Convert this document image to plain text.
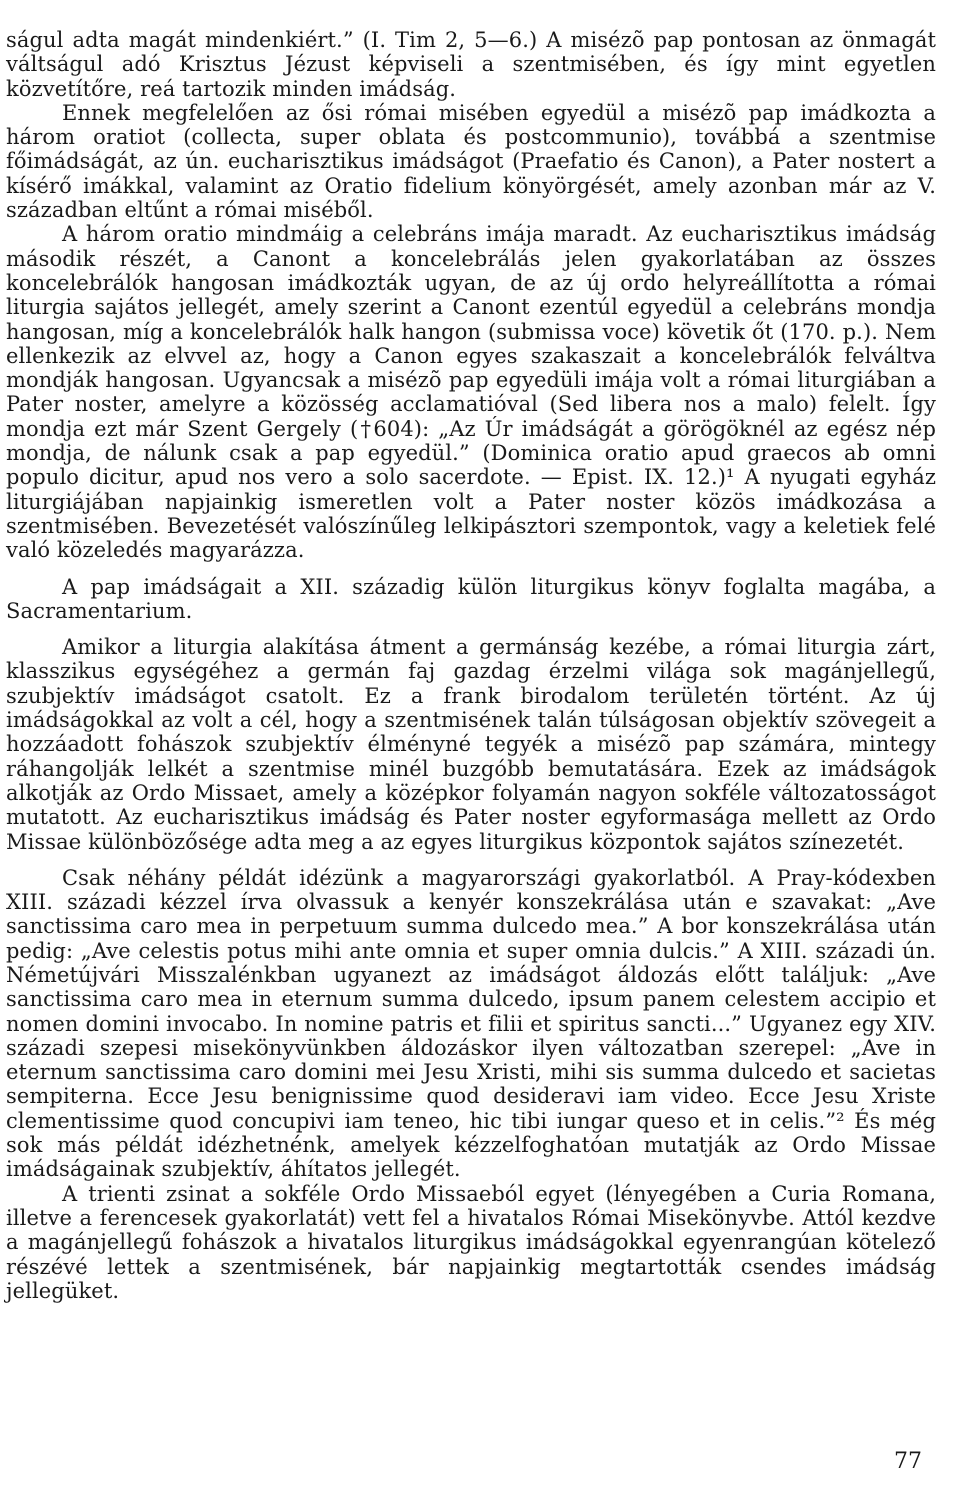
ságul adta magát mindenkiért.” (I. Tim 2, 5—6.) A misézõ pap pontosan az önmagát váltságul adó Krisztus Jézust képviseli a szentmisében, és így mint egyetlen közvetítőre, reá tartozik minden imádság.

Ennek megfelelően az ősi római misében egyedül a misézõ pap imádkozta a három oratiot (collecta, super oblata és postcommunio), továbbá a szentmise főimádságát, az ún. eucharisztikus imádságot (Praefatio és Canon), a Pater nostert a kísérő imákkal, valamint az Oratio fidelium könyörgését, amely azonban már az V. században eltűnt a római miséből.

A három oratio mindmáig a celebráns imája maradt. Az eucharisztikus imádság második részét, a Canont a koncelebrálás jelen gyakorlatában az összes koncelebrálók hangosan imádkozták ugyan, de az új ordo helyreállította a római liturgia sajátos jellegét, amely szerint a Canont ezentúl egyedül a celebráns mondja hangosan, míg a koncelebrálók halk hangon (submissa voce) követik őt (170. p.). Nem ellenkezik az elvvel az, hogy a Canon egyes szakaszait a koncelebrálók felváltva mondják hangosan. Ugyancsak a misézõ pap egyedüli imája volt a római liturgiában a Pater noster, amelyre a közösség acclamatióval (Sed libera nos a malo) felelt. Így mondja ezt már Szent Gergely (†604): „Az Úr imádságát a görögöknél az egész nép mondja, de nálunk csak a pap egyedül.” (Dominica oratio apud graecos ab omni populo dicitur, apud nos vero a solo sacerdote. — Epist. IX. 12.)¹ A nyugati egyház liturgiájában napjainkig ismeretlen volt a Pater noster közös imádkozása a szentmisében. Bevezetését valószínűleg lelkipásztori szempontok, vagy a keletiek felé való közeledés magyarázza.

A pap imádságait a XII. századig külön liturgikus könyv foglalta magába, a Sacramentarium.

Amikor a liturgia alakítása átment a germánság kezébe, a római liturgia zárt, klasszikus egységéhez a germán faj gazdag érzelmi világa sok magánjellegű, szubjektív imádságot csatolt. Ez a frank birodalom területén történt. Az új imádságokkal az volt a cél, hogy a szentmisének talán túlságosan objektív szövegeit a hozzáadott fohászok szubjektív élményné tegyék a misézõ pap számára, mintegy ráhangolják lelkét a szentmise minél buzgóbb bemutatására. Ezek az imádságok alkotják az Ordo Missaet, amely a középkor folyamán nagyon sokféle változatosságot mutatott. Az eucharisztikus imádság és Pater noster egyformasága mellett az Ordo Missae különbözősége adta meg a az egyes liturgikus központok sajátos színezetét.

Csak néhány példát idézünk a magyarországi gyakorlatból. A Pray-kódexben XIII. századi kézzel írva olvassuk a kenyér konszekrálása után e szavakat: „Ave sanctissima caro mea in perpetuum summa dulcedo mea.” A bor konszekrálása után pedig: „Ave celestis potus mihi ante omnia et super omnia dulcis.” A XIII. századi ún. Németújvári Misszalénkban ugyanezt az imádságot áldozás előtt találjuk: „Ave sanctissima caro mea in eternum summa dulcedo, ipsum panem celestem accipio et nomen domini invocabo. In nomine patris et filii et spiritus sancti...” Ugyanez egy XIV. századi szepesi misekönyvünkben áldozáskor ilyen változatban szerepel: „Ave in eternum sanctissima caro domini mei Jesu Xristi, mihi sis summa dulcedo et sacietas sempiterna. Ecce Jesu benignissime quod desideravi iam video. Ecce Jesu Xriste clementissime quod concupivi iam teneo, hic tibi iungar queso et in celis.”² És még sok más példát idézhetnénk, amelyek kézzelfoghatóan mutatják az Ordo Missae imádságainak szubjektív, áhítatos jellegét.

A trienti zsinat a sokféle Ordo Missaeból egyet (lényegében a Curia Romana, illetve a ferencesek gyakorlatát) vett fel a hivatalos Római Misekönyvbe. Attól kezdve a magánjellegű fohászok a hivatalos liturgikus imádságokkal egyenrangúan kötelező részévé lettek a szentmisének, bár napjainkig megtartották csendes imádság jellegüket.

77
